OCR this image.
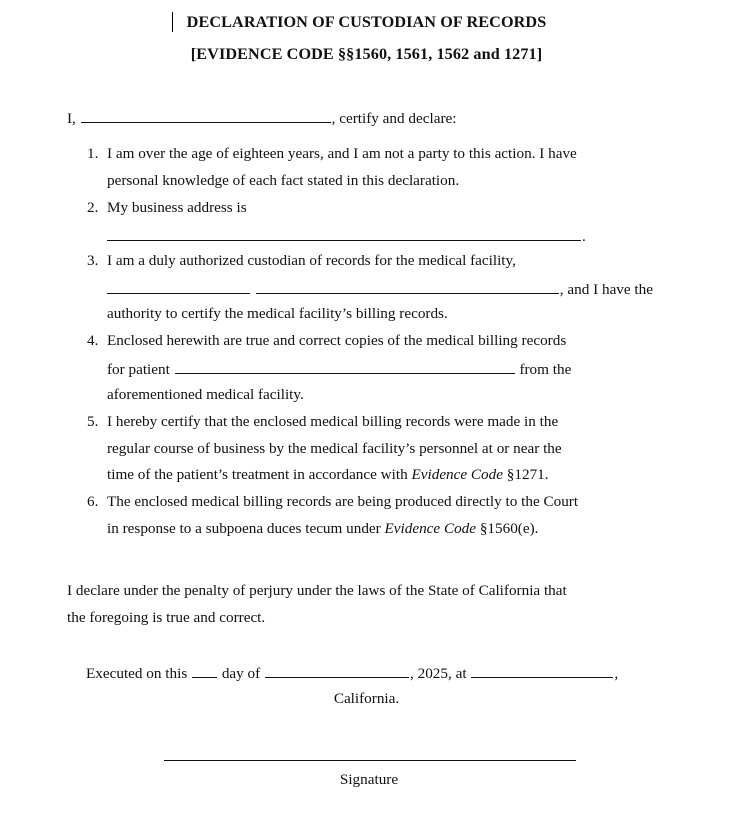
DECLARATION OF CUSTODIAN OF RECORDS
[EVIDENCE CODE §§1560, 1561, 1562 and 1271]
I,	, certify and declare:
1. I am over the age of eighteen years, and I am not a party to this action. I have
personal knowledge of each fact stated in this declaration.
2. My business address is
.
3. I am a duly authorized custodian of records for the medical facility,
, and I have the
authority to certify the medical facility’s billing records.
4. Enclosed herewith are true and correct copies of the medical billing records
for patient	from the
aforementioned medical facility.
5. I hereby certify that the enclosed medical billing records were made in the
regular course of business by the medical facility’s personnel at or near the
time of the patient’s treatment in accordance with Evidence Code §1271.
6. The enclosed medical billing records are being produced directly to the Court
in response to a subpoena duces tecum under Evidence Code §1560(e).
I declare under the penalty of perjury under the laws of the State of California that
the foregoing is true and correct.
Executed on this day of	, 2025, at	,
California.
Signature
